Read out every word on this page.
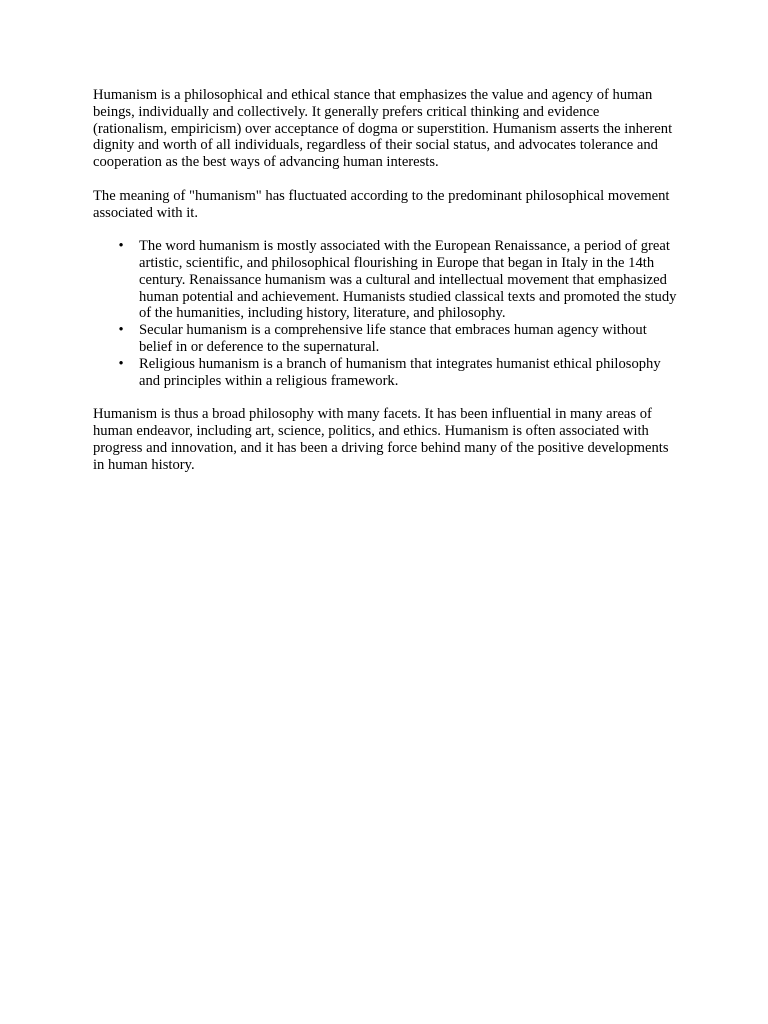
Humanism is a philosophical and ethical stance that emphasizes the value and agency of human beings, individually and collectively. It generally prefers critical thinking and evidence (rationalism, empiricism) over acceptance of dogma or superstition. Humanism asserts the inherent dignity and worth of all individuals, regardless of their social status, and advocates tolerance and cooperation as the best ways of advancing human interests.

The meaning of "humanism" has fluctuated according to the predominant philosophical movement associated with it.

• The word humanism is mostly associated with the European Renaissance, a period of great artistic, scientific, and philosophical flourishing in Europe that began in Italy in the 14th century. Renaissance humanism was a cultural and intellectual movement that emphasized human potential and achievement. Humanists studied classical texts and promoted the study of the humanities, including history, literature, and philosophy.
• Secular humanism is a comprehensive life stance that embraces human agency without belief in or deference to the supernatural.
• Religious humanism is a branch of humanism that integrates humanist ethical philosophy and principles within a religious framework.

Humanism is thus a broad philosophy with many facets. It has been influential in many areas of human endeavor, including art, science, politics, and ethics. Humanism is often associated with progress and innovation, and it has been a driving force behind many of the positive developments in human history.
